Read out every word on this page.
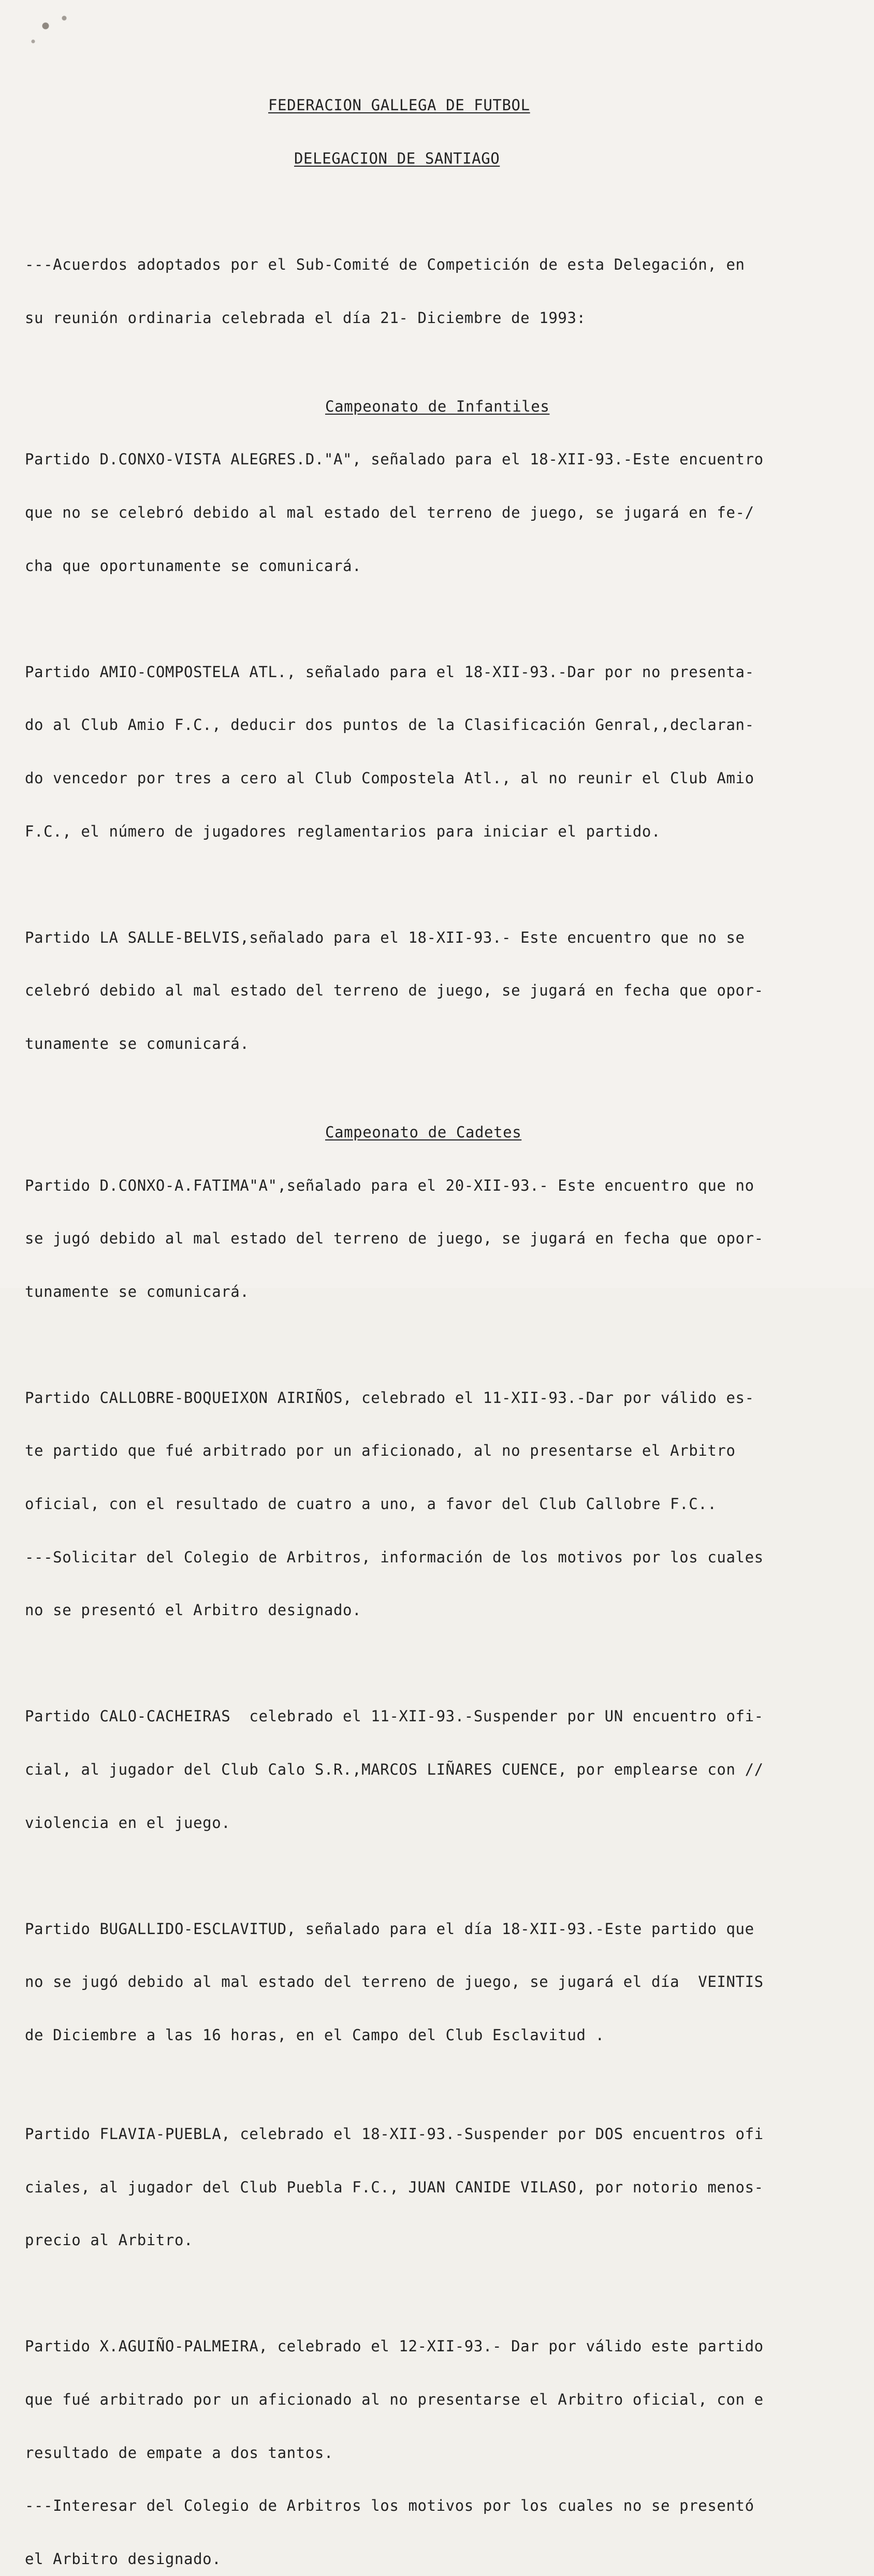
FEDERACION GALLEGA DE FUTBOL

DELEGACION DE SANTIAGO

---Acuerdos adoptados por el Sub-Comité de Competición de esta Delegación, en

su reunión ordinaria celebrada el día 21- Diciembre de 1993:

Campeonato de Infantiles

Partido D.CONXO-VISTA ALEGRES.D."A", señalado para el 18-XII-93.-Este encuentro

que no se celebró debido al mal estado del terreno de juego, se jugará en fe-/

cha que oportunamente se comunicará.

Partido AMIO-COMPOSTELA ATL., señalado para el 18-XII-93.-Dar por no presenta-

do al Club Amio F.C., deducir dos puntos de la Clasificación Genral,,declaran-

do vencedor por tres a cero al Club Compostela Atl., al no reunir el Club Amio

F.C., el número de jugadores reglamentarios para iniciar el partido.

Partido LA SALLE-BELVIS,señalado para el 18-XII-93.- Este encuentro que no se

celebró debido al mal estado del terreno de juego, se jugará en fecha que opor-

tunamente se comunicará.

Campeonato de Cadetes

Partido D.CONXO-A.FATIMA"A",señalado para el 20-XII-93.- Este encuentro que no

se jugó debido al mal estado del terreno de juego, se jugará en fecha que opor-

tunamente se comunicará.

Partido CALLOBRE-BOQUEIXON AIRIÑOS, celebrado el 11-XII-93.-Dar por válido es-

te partido que fué arbitrado por un aficionado, al no presentarse el Arbitro

oficial, con el resultado de cuatro a uno, a favor del Club Callobre F.C..

---Solicitar del Colegio de Arbitros, información de los motivos por los cuales

no se presentó el Arbitro designado.

Partido CALO-CACHEIRAS  celebrado el 11-XII-93.-Suspender por UN encuentro ofi-

cial, al jugador del Club Calo S.R.,MARCOS LIÑARES CUENCE, por emplearse con //

violencia en el juego.

Partido BUGALLIDO-ESCLAVITUD, señalado para el día 18-XII-93.-Este partido que

no se jugó debido al mal estado del terreno de juego, se jugará el día  VEINTIS

de Diciembre a las 16 horas, en el Campo del Club Esclavitud .

Partido FLAVIA-PUEBLA, celebrado el 18-XII-93.-Suspender por DOS encuentros ofi

ciales, al jugador del Club Puebla F.C., JUAN CANIDE VILASO, por notorio menos-

precio al Arbitro.

Partido X.AGUIÑO-PALMEIRA, celebrado el 12-XII-93.- Dar por válido este partido

que fué arbitrado por un aficionado al no presentarse el Arbitro oficial, con e

resultado de empate a dos tantos.

---Interesar del Colegio de Arbitros los motivos por los cuales no se presentó

el Arbitro designado.
